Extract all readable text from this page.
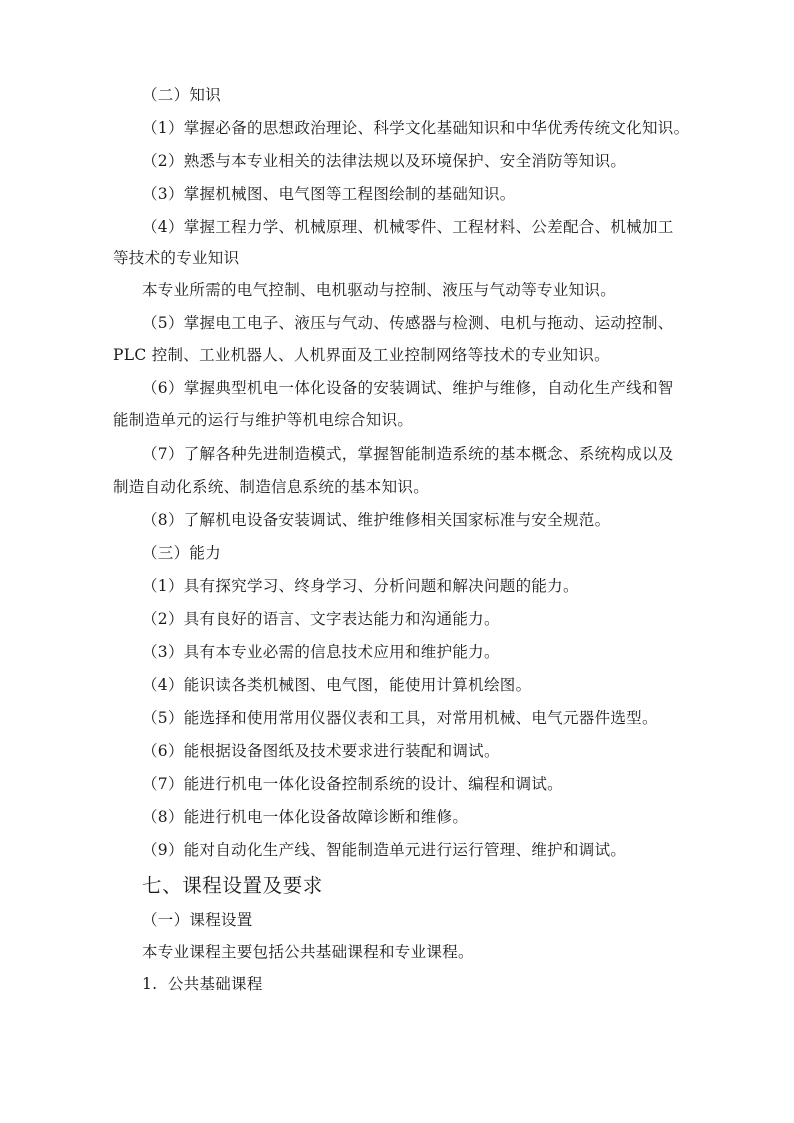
（二）知识
（1）掌握必备的思想政治理论、科学文化基础知识和中华优秀传统文化知识。
（2）熟悉与本专业相关的法律法规以及环境保护、安全消防等知识。
（3）掌握机械图、电气图等工程图绘制的基础知识。
（4）掌握工程力学、机械原理、机械零件、工程材料、公差配合、机械加工
等技术的专业知识
本专业所需的电气控制、电机驱动与控制、液压与气动等专业知识。
（5）掌握电工电子、液压与气动、传感器与检测、电机与拖动、运动控制、
PLC 控制、工业机器人、人机界面及工业控制网络等技术的专业知识。
（6）掌握典型机电一体化设备的安装调试、维护与维修，自动化生产线和智
能制造单元的运行与维护等机电综合知识。
（7）了解各种先进制造模式，掌握智能制造系统的基本概念、系统构成以及
制造自动化系统、制造信息系统的基本知识。
（8）了解机电设备安装调试、维护维修相关国家标准与安全规范。
（三）能力
（1）具有探究学习、终身学习、分析问题和解决问题的能力。
（2）具有良好的语言、文字表达能力和沟通能力。
（3）具有本专业必需的信息技术应用和维护能力。
（4）能识读各类机械图、电气图，能使用计算机绘图。
（5）能选择和使用常用仪器仪表和工具，对常用机械、电气元器件选型。
（6）能根据设备图纸及技术要求进行装配和调试。
（7）能进行机电一体化设备控制系统的设计、编程和调试。
（8）能进行机电一体化设备故障诊断和维修。
（9）能对自动化生产线、智能制造单元进行运行管理、维护和调试。
七、课程设置及要求
（一）课程设置
本专业课程主要包括公共基础课程和专业课程。
1.  公共基础课程
